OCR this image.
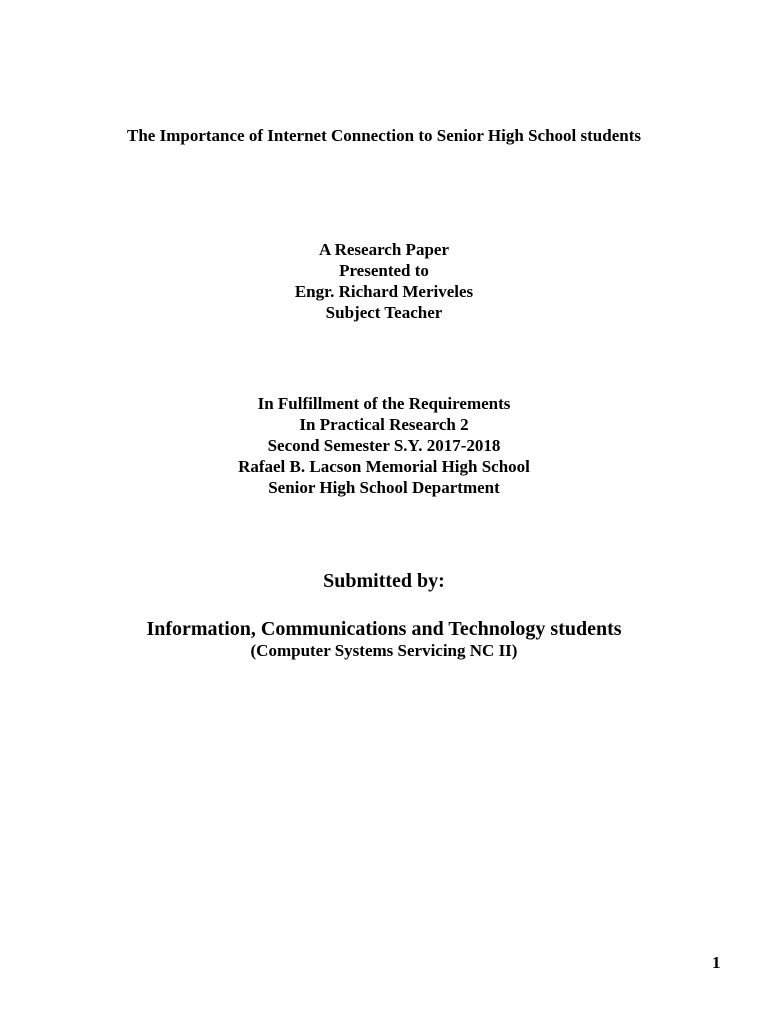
The Importance of Internet Connection to Senior High School students
A Research Paper
Presented to
Engr. Richard Meriveles
Subject Teacher
In Fulfillment of the Requirements
In Practical Research 2
Second Semester S.Y. 2017-2018
Rafael B. Lacson Memorial High School
Senior High School Department
Submitted by:
Information, Communications and Technology students
(Computer Systems Servicing NC II)
1
